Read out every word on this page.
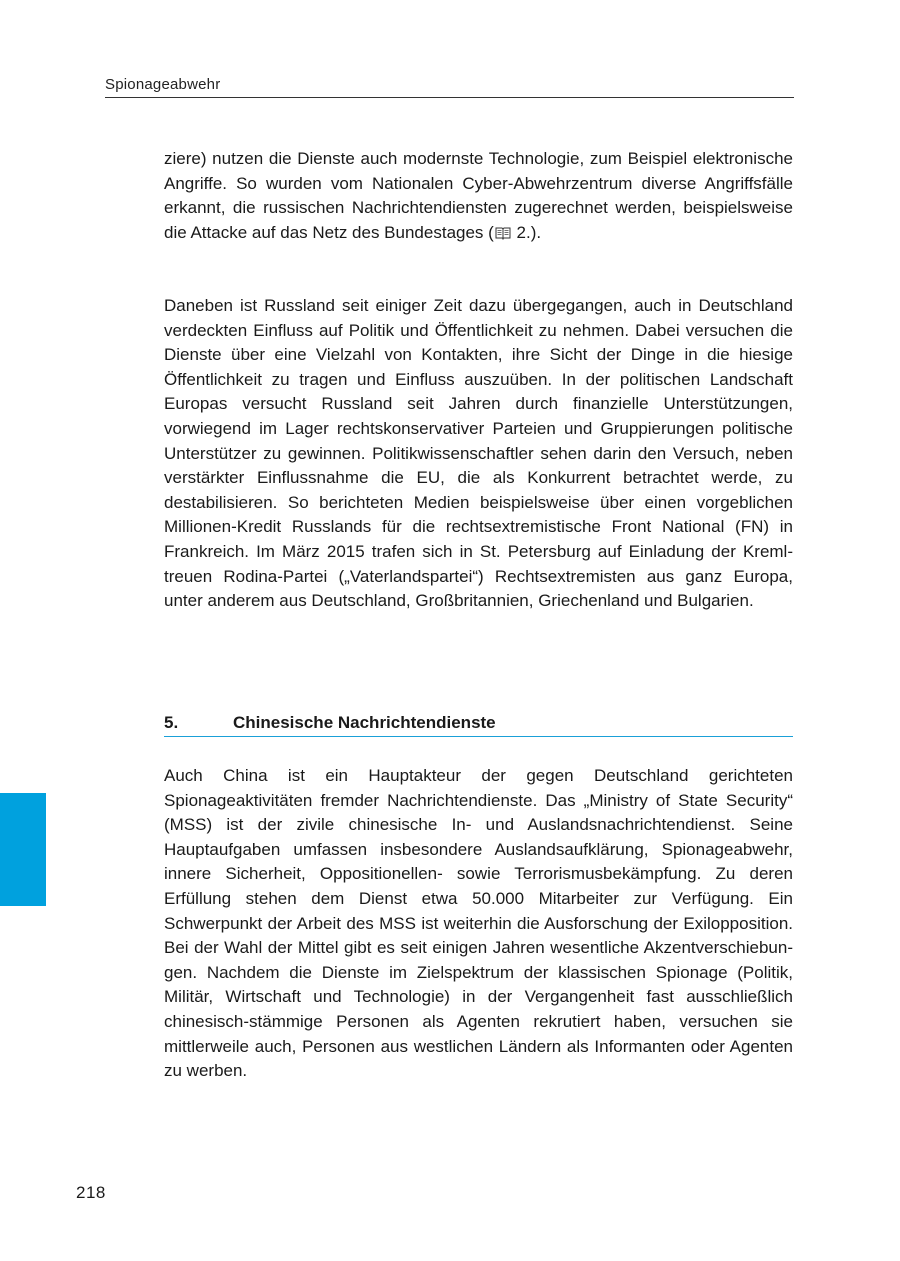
Spionageabwehr

ziere) nutzen die Dienste auch modernste Technologie, zum Beispiel elektronische Angriffe. So wurden vom Nationalen Cyber-Abwehrzentrum diverse Angriffsfälle erkannt, die russischen Nachrichtendiensten zugerechnet werden, beispielsweise die Attacke auf das Netz des Bundestages ( 2.).

Daneben ist Russland seit einiger Zeit dazu übergegangen, auch in Deutschland verdeckten Einfluss auf Politik und Öffentlichkeit zu nehmen. Dabei versuchen die Dienste über eine Vielzahl von Kontakten, ihre Sicht der Dinge in die hiesige Öffentlichkeit zu tragen und Einfluss auszuüben. In der politischen Landschaft Europas versucht Russland seit Jahren durch finanzielle Unterstützungen, vorwiegend im Lager rechtskonservativer Parteien und Gruppierungen politische Unterstützer zu gewinnen. Politikwissenschaftler sehen darin den Versuch, neben verstärkter Einflussnahme die EU, die als Konkurrent betrachtet werde, zu destabilisieren. So berichteten Medien beispielsweise über einen vorgeblichen Millionen-Kredit Russlands für die rechtsextremistische Front National (FN) in Frankreich. Im März 2015 trafen sich in St. Petersburg auf Einladung der Kreml-treuen Rodina-Partei („Vaterlandspartei“) Rechtsextremisten aus ganz Europa, unter anderem aus Deutschland, Großbritannien, Griechenland und Bulgarien.

5.	Chinesische Nachrichtendienste

Auch China ist ein Hauptakteur der gegen Deutschland gerichteten Spionageaktivitäten fremder Nachrichtendienste. Das „Ministry of State Security“ (MSS) ist der zivile chinesische In- und Auslandsnachrichtendienst. Seine Hauptaufgaben umfassen insbesondere Auslandsaufklärung, Spionageabwehr, innere Sicherheit, Oppositionellen- sowie Terrorismusbekämpfung. Zu deren Erfüllung stehen dem Dienst etwa 50.000 Mitarbeiter zur Verfügung. Ein Schwerpunkt der Arbeit des MSS ist weiterhin die Ausforschung der Exilopposition. Bei der Wahl der Mittel gibt es seit einigen Jahren wesentliche Akzentverschiebungen. Nachdem die Dienste im Zielspektrum der klassischen Spionage (Politik, Militär, Wirtschaft und Technologie) in der Vergangenheit fast ausschließlich chinesisch-stämmige Personen als Agenten rekrutiert haben, versuchen sie mittlerweile auch, Personen aus westlichen Ländern als Informanten oder Agenten zu werben.

218
